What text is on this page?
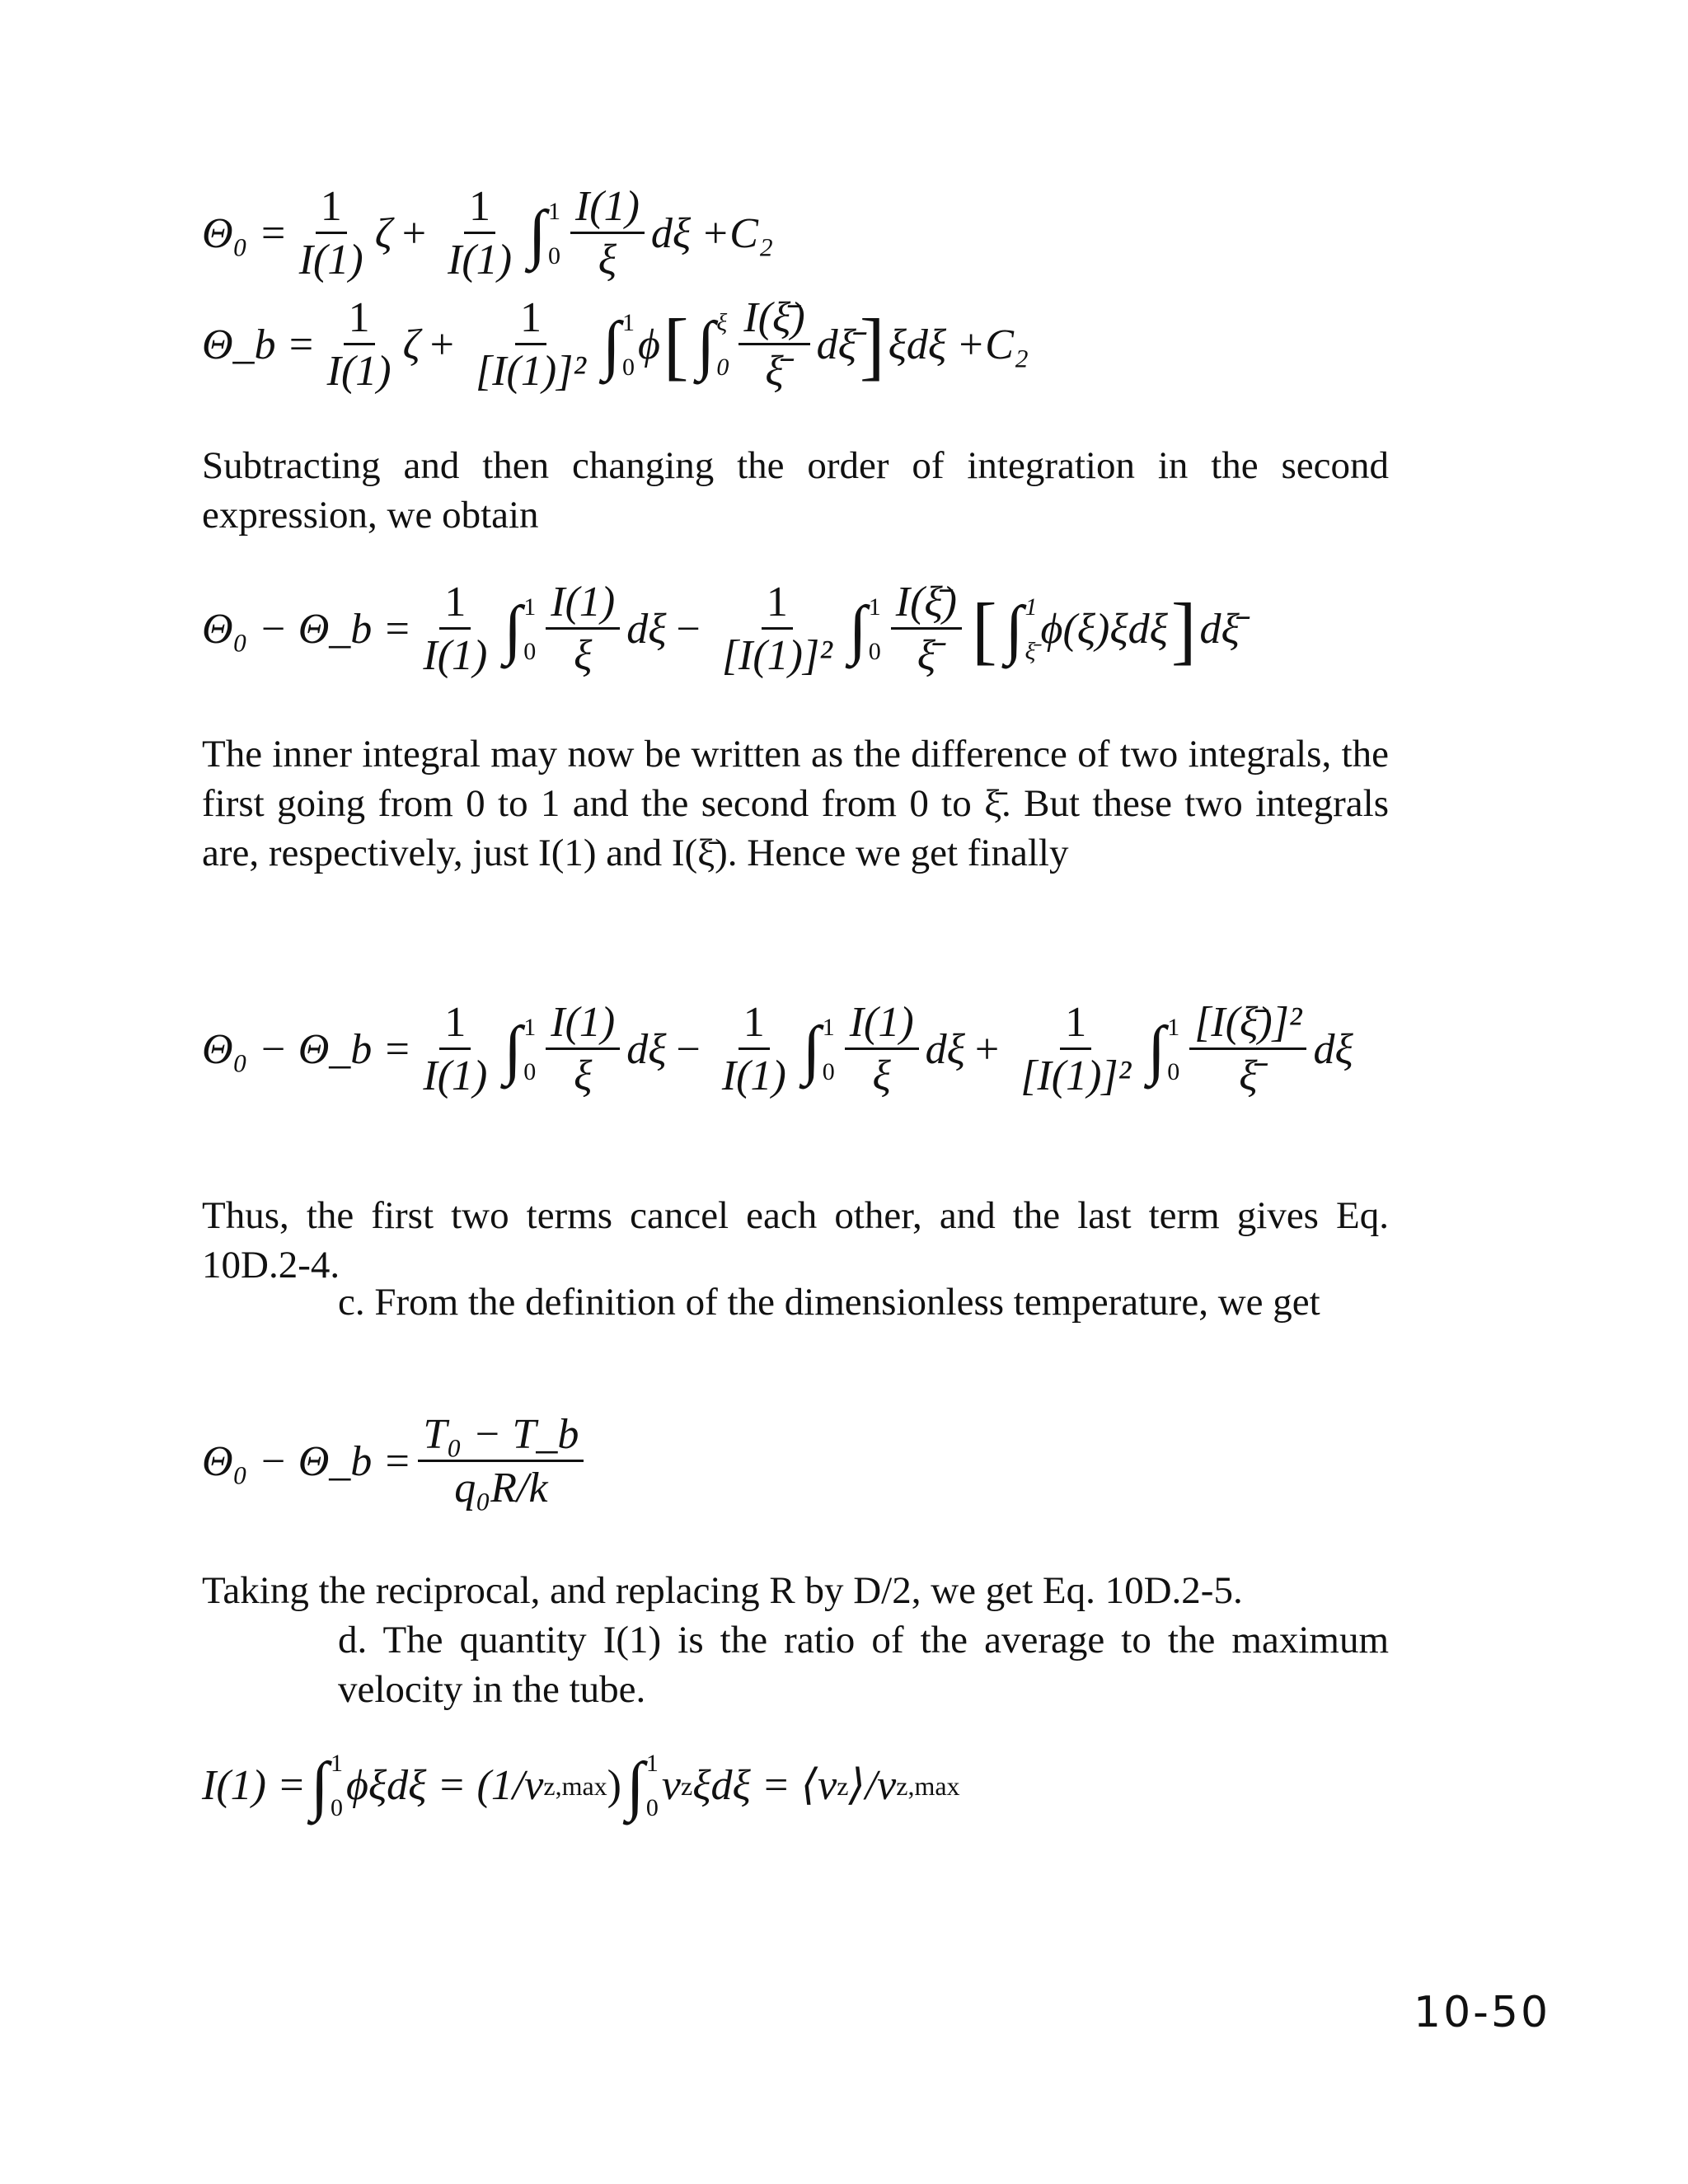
$\Theta_0 = \frac{1}{I(1)}$ $\zeta + \frac{1}{I(1)}$ ∫ 1
$0 \frac{I(1)}{\xi}$ dξ +C₂
Θ_b = $\frac{1}{I(1)}$ $\zeta + \frac{1}{\text{[I(1)]²}}$ ∫ 1
0 ϕ [ ∫ ξ
$0 \frac{I(\xī)}{\xī}$ dξ̄ ] ξdξ +C₂
Subtracting and then changing the order of integration in the second expression, we obtain
Θ₀ − Θ_b = $\frac{1}{I(1)}$ ∫ 1
$0 \frac{I(1)}{\xi}$ $d\xi - \frac{1}{\text{[I(1)]²}}$ ∫ 1
$0 \frac{I(\xī)}{\xī}$ [ ∫ 1
ξ̄ ϕ(ξ)ξdξ ] dξ̄
The inner integral may now be written as the difference of two integrals, the first going from 0 to 1 and the second from 0 to ξ̄. But these two integrals are, respectively, just I(1) and I(ξ̄). Hence we get finally
Θ₀ − Θ_b = $\frac{1}{I(1)}$ ∫ 1
$0 \frac{I(1)}{\xi}$ $d\xi - \frac{1}{I(1)}$ ∫ 1
$0 \frac{I(1)}{\xi}$ $d\xi + \frac{1}{\text{[I(1)]²}}$ ∫ 1
$0 \frac{\text{[I(ξ̄)]²}}{\xī}$ dξ
Thus, the first two terms cancel each other, and the last term gives Eq. 10D.2-4.
c. From the definition of the dimensionless temperature, we get
Θ₀ − Θ_b = $\frac{\text{T₀ − T\_b}}{\text{q₀R/k}}$
Taking the reciprocal, and replacing R by D/2, we get Eq. 10D.2-5.
d. The quantity I(1) is the ratio of the average to the maximum velocity in the tube.
I(1) = ∫ 1
0 ϕξdξ = (1/v z,max ) ∫ 1
0 v z ξdξ = ⟨v z ⟩/v z,max
10-50
